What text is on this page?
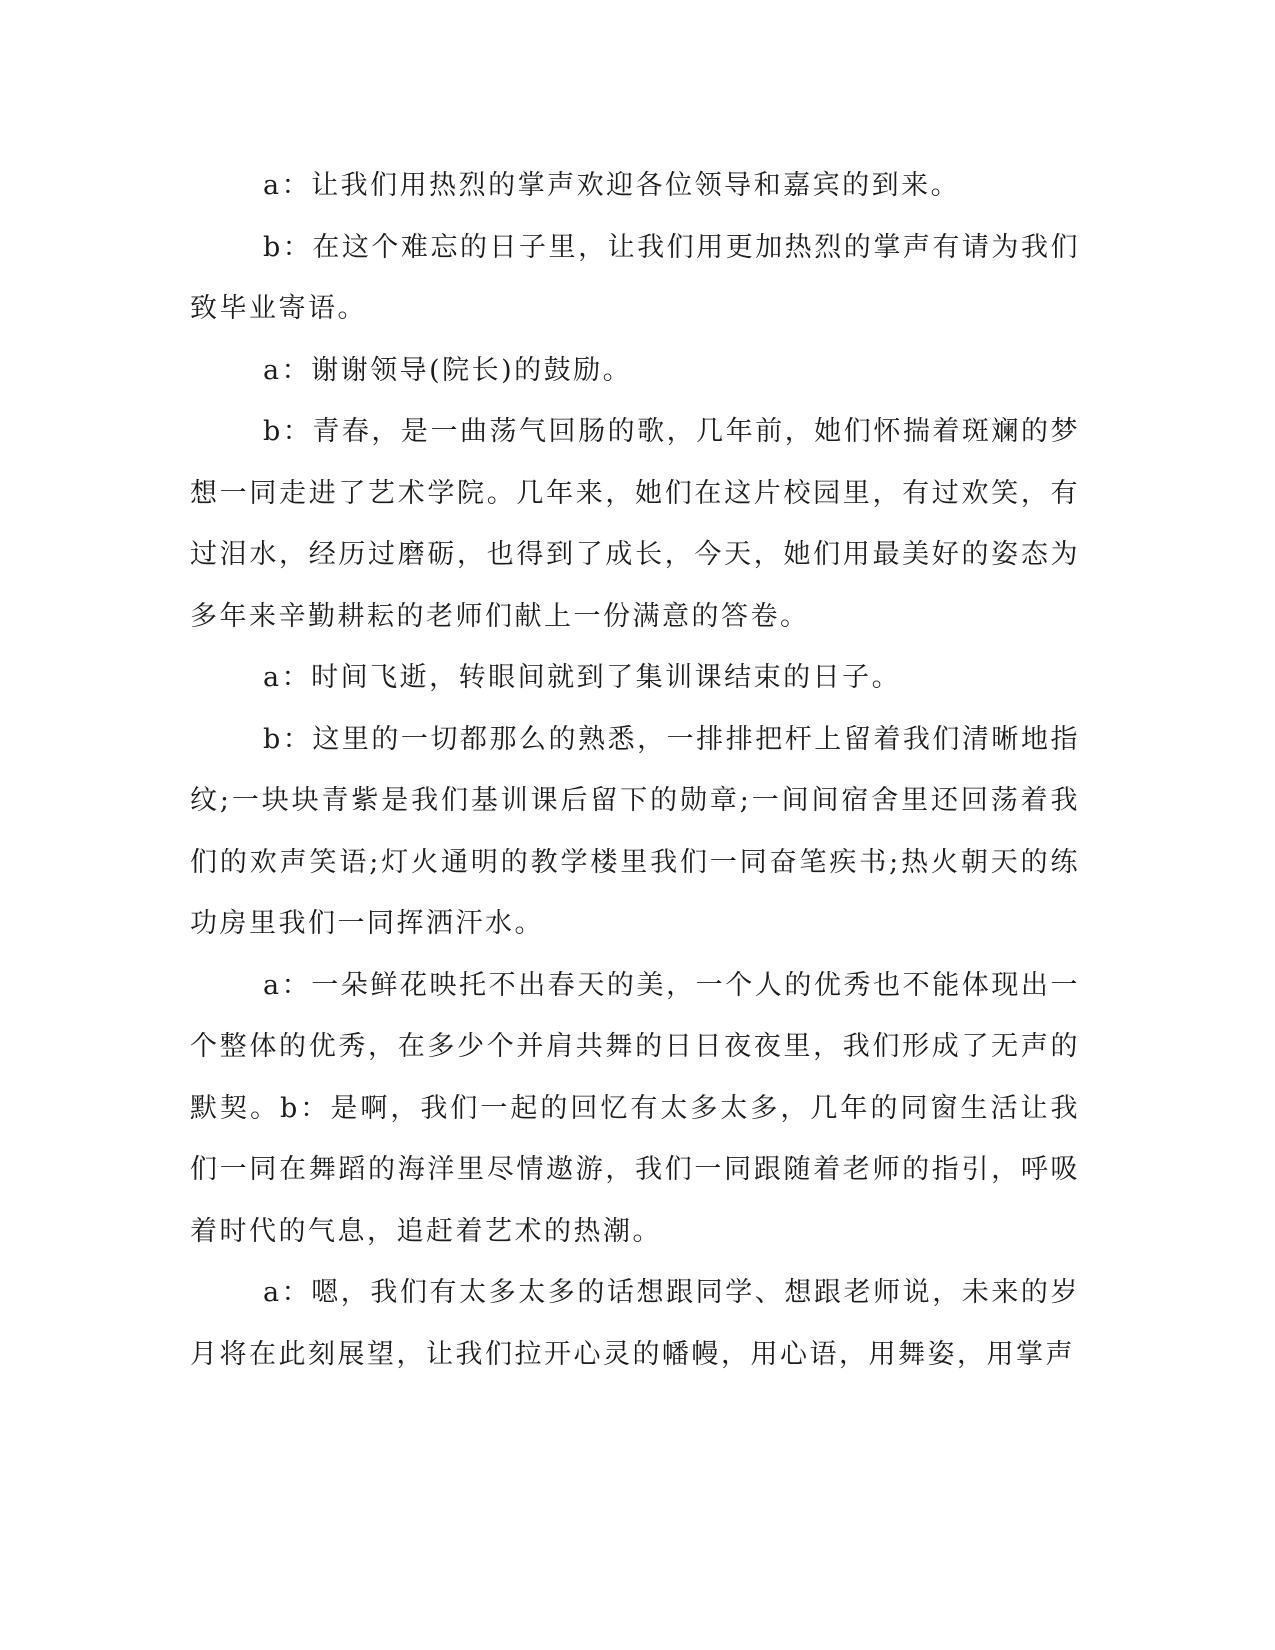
a：让我们用热烈的掌声欢迎各位领导和嘉宾的到来。

b：在这个难忘的日子里，让我们用更加热烈的掌声有请为我们致毕业寄语。

a：谢谢领导(院长)的鼓励。

b：青春，是一曲荡气回肠的歌，几年前，她们怀揣着斑斓的梦想一同走进了艺术学院。几年来，她们在这片校园里，有过欢笑，有过泪水，经历过磨砺，也得到了成长，今天，她们用最美好的姿态为多年来辛勤耕耘的老师们献上一份满意的答卷。

a：时间飞逝，转眼间就到了集训课结束的日子。

b：这里的一切都那么的熟悉，一排排把杆上留着我们清晰地指纹;一块块青紫是我们基训课后留下的勋章;一间间宿舍里还回荡着我们的欢声笑语;灯火通明的教学楼里我们一同奋笔疾书;热火朝天的练功房里我们一同挥洒汗水。

a：一朵鲜花映托不出春天的美，一个人的优秀也不能体现出一个整体的优秀，在多少个并肩共舞的日日夜夜里，我们形成了无声的默契。b：是啊，我们一起的回忆有太多太多，几年的同窗生活让我们一同在舞蹈的海洋里尽情遨游，我们一同跟随着老师的指引，呼吸着时代的气息，追赶着艺术的热潮。

a：嗯，我们有太多太多的话想跟同学、想跟老师说，未来的岁月将在此刻展望，让我们拉开心灵的幡幔，用心语，用舞姿，用掌声
